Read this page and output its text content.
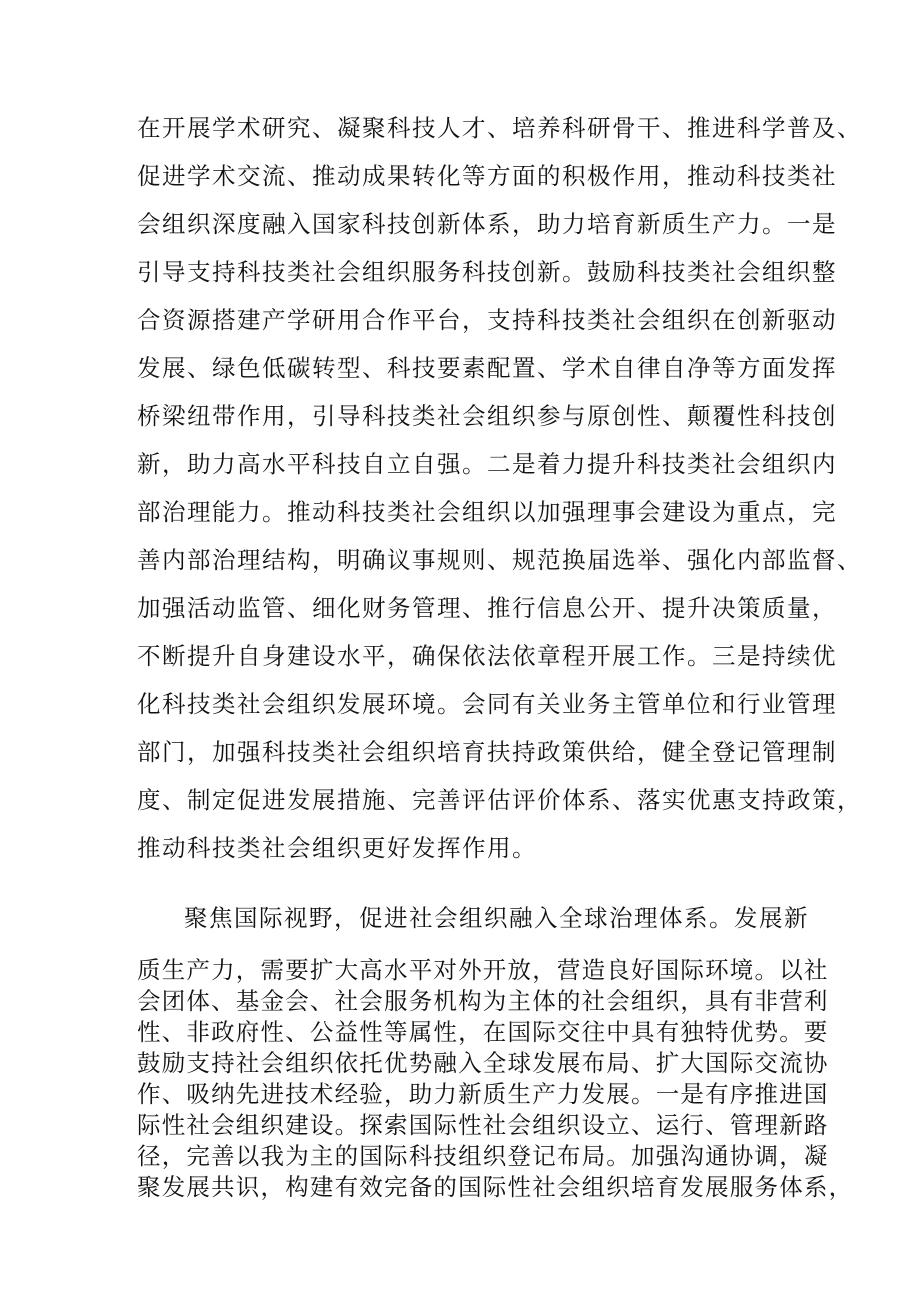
在开展学术研究、凝聚科技人才、培养科研骨干、推进科学普及、
促进学术交流、推动成果转化等方面的积极作用，推动科技类社
会组织深度融入国家科技创新体系，助力培育新质生产力。一是
引导支持科技类社会组织服务科技创新。鼓励科技类社会组织整
合资源搭建产学研用合作平台，支持科技类社会组织在创新驱动
发展、绿色低碳转型、科技要素配置、学术自律自净等方面发挥
桥梁纽带作用，引导科技类社会组织参与原创性、颠覆性科技创
新，助力高水平科技自立自强。二是着力提升科技类社会组织内
部治理能力。推动科技类社会组织以加强理事会建设为重点，完
善内部治理结构，明确议事规则、规范换届选举、强化内部监督、
加强活动监管、细化财务管理、推行信息公开、提升决策质量，
不断提升自身建设水平，确保依法依章程开展工作。三是持续优
化科技类社会组织发展环境。会同有关业务主管单位和行业管理
部门，加强科技类社会组织培育扶持政策供给，健全登记管理制
度、制定促进发展措施、完善评估评价体系、落实优惠支持政策，
推动科技类社会组织更好发挥作用。
聚焦国际视野，促进社会组织融入全球治理体系。发展新
质生产力，需要扩大高水平对外开放，营造良好国际环境。以社
会团体、基金会、社会服务机构为主体的社会组织，具有非营利
性、非政府性、公益性等属性，在国际交往中具有独特优势。要
鼓励支持社会组织依托优势融入全球发展布局、扩大国际交流协
作、吸纳先进技术经验，助力新质生产力发展。一是有序推进国
际性社会组织建设。探索国际性社会组织设立、运行、管理新路
径，完善以我为主的国际科技组织登记布局。加强沟通协调，凝
聚发展共识，构建有效完备的国际性社会组织培育发展服务体系，
